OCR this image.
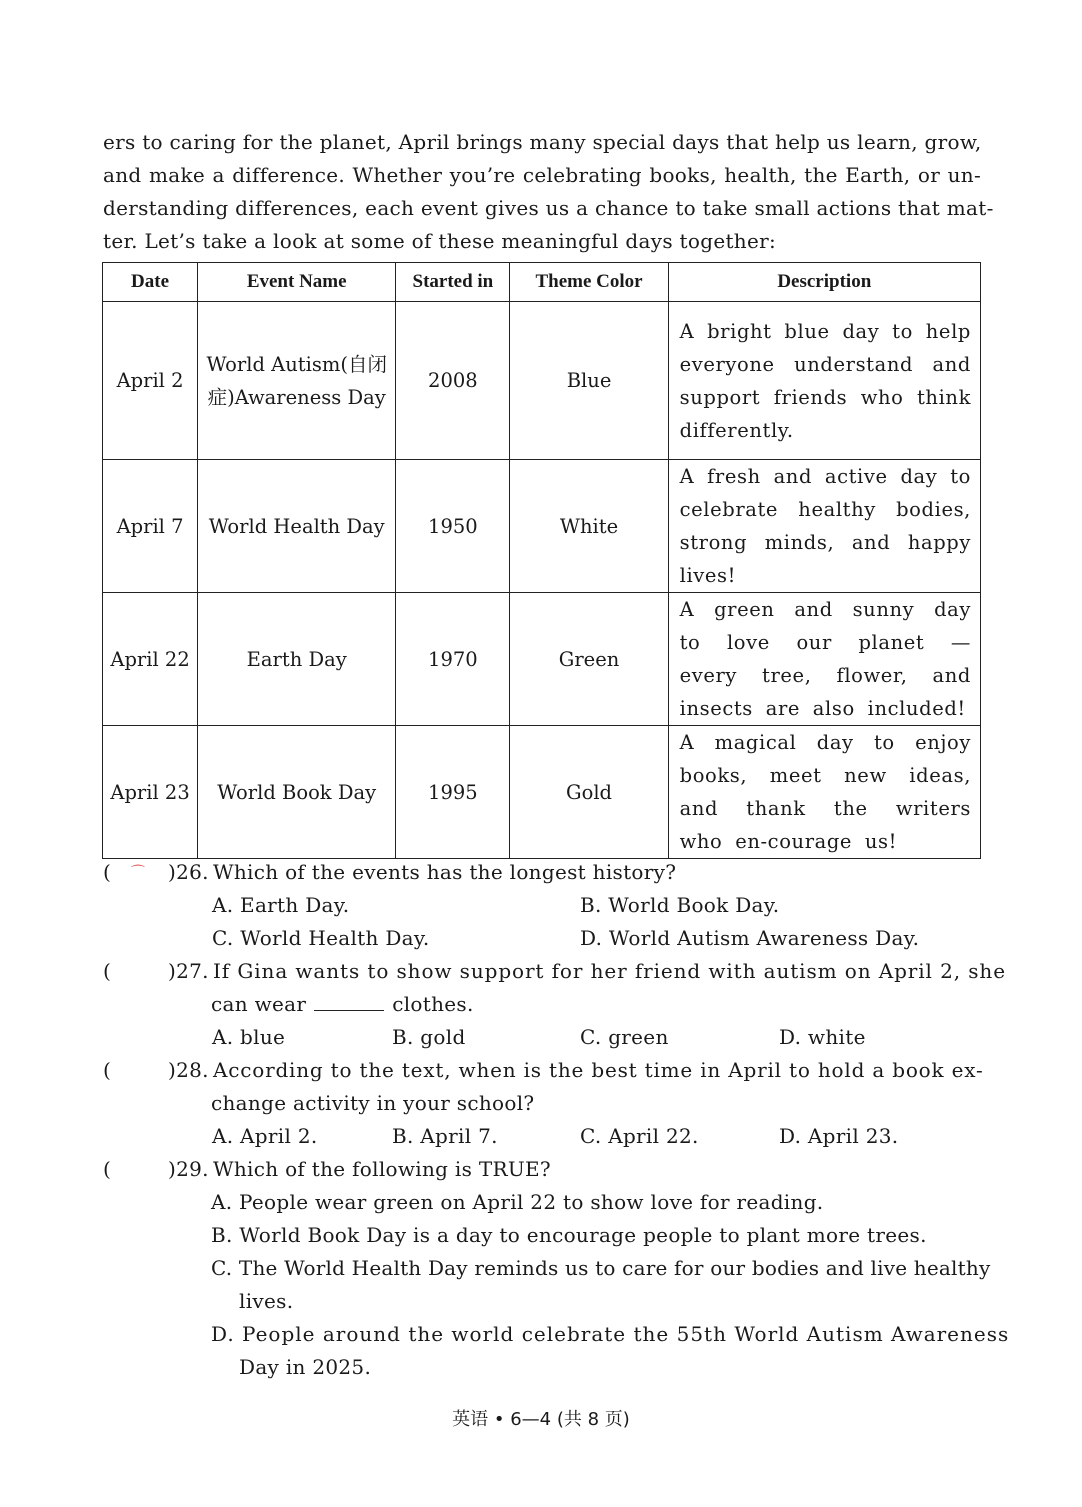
ers to caring for the planet, April brings many special days that help us learn, grow,
and make a difference. Whether you’re celebrating books, health, the Earth, or un-
derstanding differences, each event gives us a chance to take small actions that mat-
ter. Let’s take a look at some of these meaningful days together:
Date	Event Name	Started in	Theme Color	Description
April 2	World Autism(自闭症)Awareness Day	2008	Blue	A bright blue day to help everyone understand and support friends who think differently.
April 7	World Health Day	1950	White	A fresh and active day to celebrate healthy bodies, strong minds, and happy lives!
April 22	Earth Day	1970	Green	A green and sunny day to love our planet — every tree, flower, and insects are also included!
April 23	World Book Day	1995	Gold	A magical day to enjoy books, meet new ideas, and thank the writers who en-courage us!
(	)26. Which of the events has the longest history?
⌒
A. Earth Day.	B. World Book Day.
C. World Health Day.	D. World Autism Awareness Day.
(	)27. If Gina wants to show support for her friend with autism on April 2, she
can wear	clothes.
A. blue	B. gold	C. green	D. white
(	)28. According to the text, when is the best time in April to hold a book ex-
change activity in your school?
A. April 2.	B. April 7.	C. April 22.	D. April 23.
(	)29. Which of the following is TRUE?
A. People wear green on April 22 to show love for reading.
B. World Book Day is a day to encourage people to plant more trees.
C. The World Health Day reminds us to care for our bodies and live healthy
lives.
D. People around the world celebrate the 55th World Autism Awareness
Day in 2025.
英语 • 6—4 (共 8 页)
